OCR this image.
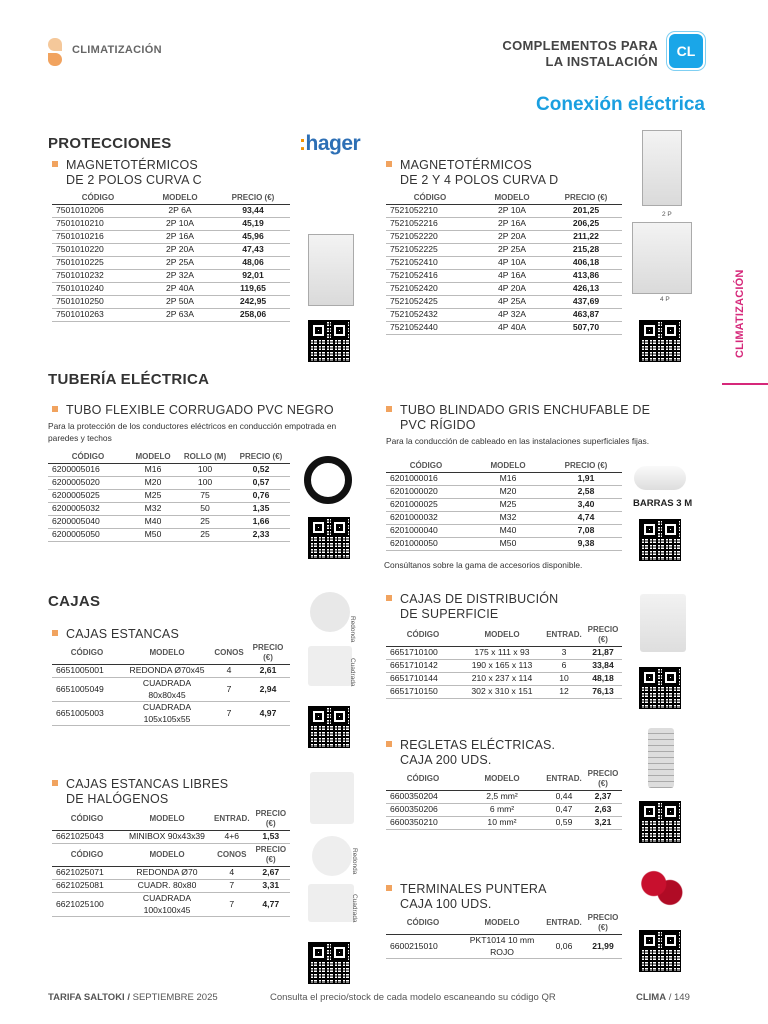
CLIMATIZACIÓN	COMPLEMENTOS PARA
LA INSTALACIÓN
CL
Conexión eléctrica
CLIMATIZACIÓN
PROTECCIONES	:hager
MAGNETOTÉRMICOS
DE 2 POLOS CURVA C
CÓDIGO	MODELO	PRECIO (€)
7501010206	2P 6A	93,44
7501010210	2P 10A	45,19
7501010216	2P 16A	45,96
7501010220	2P 20A	47,43
7501010225	2P 25A	48,06
7501010232	2P 32A	92,01
7501010240	2P 40A	119,65
7501010250	2P 50A	242,95
7501010263	2P 63A	258,06
MAGNETOTÉRMICOS
DE 2 Y 4 POLOS CURVA D
CÓDIGO	MODELO	PRECIO (€)
7521052210	2P 10A	201,25
7521052216	2P 16A	206,25
7521052220	2P 20A	211,22
7521052225	2P 25A	215,28
7521052410	4P 10A	406,18
7521052416	4P 16A	413,86
7521052420	4P 20A	426,13
7521052425	4P 25A	437,69
7521052432	4P 32A	463,87
7521052440	4P 40A	507,70
2 P
4 P
TUBERÍA ELÉCTRICA
TUBO FLEXIBLE CORRUGADO PVC NEGRO
Para la protección de los conductores eléctricos en conducción empotrada en paredes y techos
CÓDIGO	MODELO	ROLLO (M)	PRECIO (€)
6200005016	M16	100	0,52
6200005020	M20	100	0,57
6200005025	M25	75	0,76
6200005032	M32	50	1,35
6200005040	M40	25	1,66
6200005050	M50	25	2,33
TUBO BLINDADO GRIS ENCHUFABLE DE
PVC RÍGIDO
Para la conducción de cableado en las instalaciones superficiales fijas.
CÓDIGO	MODELO	PRECIO (€)
6201000016	M16	1,91
6201000020	M20	2,58
6201000025	M25	3,40
6201000032	M32	4,74
6201000040	M40	7,08
6201000050	M50	9,38
Consúltanos sobre la gama de accesorios disponible.
BARRAS 3 M
CAJAS
CAJAS ESTANCAS
CÓDIGO	MODELO	CONOS	PRECIO (€)
6651005001	REDONDA Ø70x45	4	2,61
6651005049	CUADRADA 80x80x45	7	2,94
6651005003	CUADRADA 105x105x55	7	4,97
Redonda
Cuadrada
CAJAS ESTANCAS LIBRES
DE HALÓGENOS
CÓDIGO	MODELO	ENTRAD.	PRECIO (€)
6621025043	MINIBOX 90x43x39	4+6	1,53
CÓDIGO	MODELO	CONOS	PRECIO (€)
6621025071	REDONDA Ø70	4	2,67
6621025081	CUADR. 80x80	7	3,31
6621025100	CUADRADA 100x100x45	7	4,77
Redonda
Cuadrada
CAJAS DE DISTRIBUCIÓN
DE SUPERFICIE
CÓDIGO	MODELO	ENTRAD.	PRECIO (€)
6651710100	175 x 111 x 93	3	21,87
6651710142	190 x 165 x 113	6	33,84
6651710144	210 x 237 x 114	10	48,18
6651710150	302 x 310 x 151	12	76,13
REGLETAS ELÉCTRICAS.
CAJA 200 UDS.
CÓDIGO	MODELO	ENTRAD.	PRECIO (€)
6600350204	2,5 mm²	0,44	2,37
6600350206	6 mm²	0,47	2,63
6600350210	10 mm²	0,59	3,21
TERMINALES PUNTERA
CAJA 100 UDS.
CÓDIGO	MODELO	ENTRAD.	PRECIO (€)
6600215010	PKT1014 10 mm ROJO	0,06	21,99
TARIFA SALTOKI / SEPTIEMBRE 2025	Consulta el precio/stock de cada modelo escaneando su código QR	CLIMA / 149
